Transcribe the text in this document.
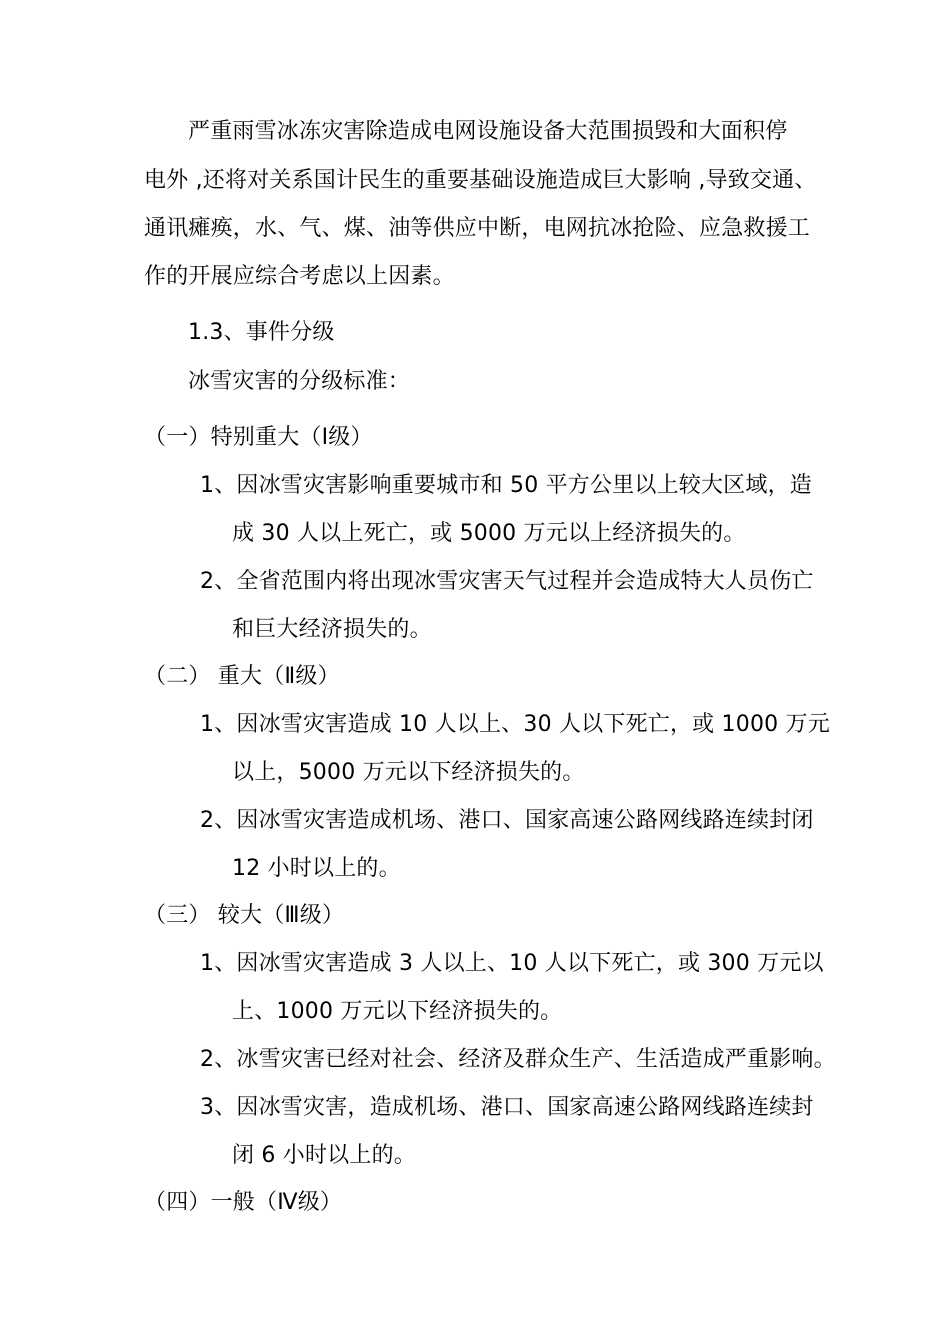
严重雨雪冰冻灾害除造成电网设施设备大范围损毁和大面积停
电外 ,还将对关系国计民生的重要基础设施造成巨大影响 ,导致交通、
通讯瘫痪，水、气、煤、油等供应中断，电网抗冰抢险、应急救援工
作的开展应综合考虑以上因素。
1.3、事件分级
冰雪灾害的分级标准：
（一）特别重大（Ⅰ级）
1、因冰雪灾害影响重要城市和 50 平方公里以上较大区域，造
成 30 人以上死亡，或 5000 万元以上经济损失的。
2、全省范围内将出现冰雪灾害天气过程并会造成特大人员伤亡
和巨大经济损失的。
（二） 重大（Ⅱ级）
1、因冰雪灾害造成 10 人以上、30 人以下死亡，或 1000 万元
以上，5000 万元以下经济损失的。
2、因冰雪灾害造成机场、港口、国家高速公路网线路连续封闭
12 小时以上的。
（三） 较大（Ⅲ级）
1、因冰雪灾害造成 3 人以上、10 人以下死亡，或 300 万元以
上、1000 万元以下经济损失的。
2、冰雪灾害已经对社会、经济及群众生产、生活造成严重影响。
3、因冰雪灾害，造成机场、港口、国家高速公路网线路连续封
闭 6 小时以上的。
（四）一般（Ⅳ级）
